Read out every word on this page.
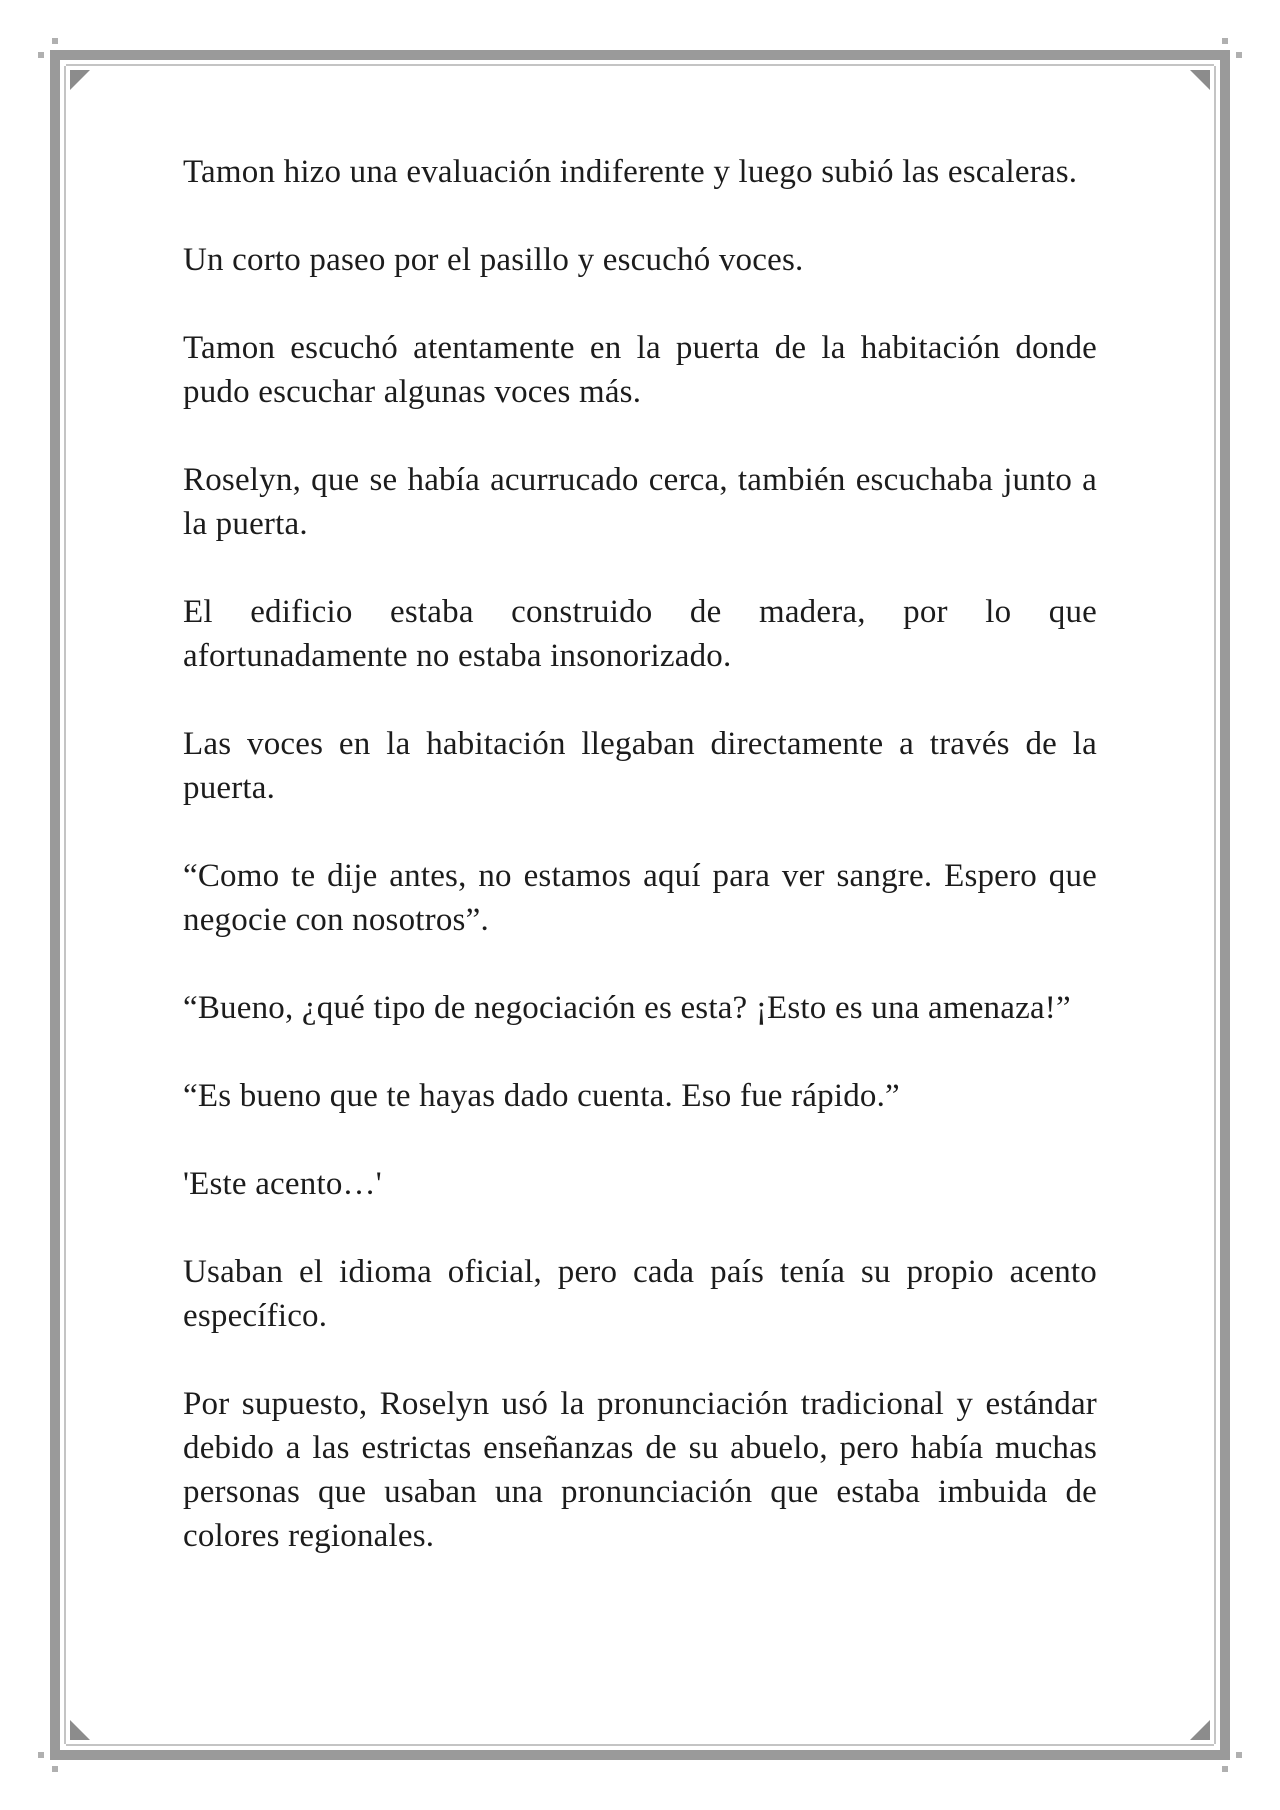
Tamon hizo una evaluación indiferente y luego subió las escaleras.

Un corto paseo por el pasillo y escuchó voces.

Tamon escuchó atentamente en la puerta de la habitación donde pudo escuchar algunas voces más.

Roselyn, que se había acurrucado cerca, también escuchaba junto a la puerta.

El edificio estaba construido de madera, por lo que afortunadamente no estaba insonorizado.

Las voces en la habitación llegaban directamente a través de la puerta.

“Como te dije antes, no estamos aquí para ver sangre. Espero que negocie con nosotros”.

“Bueno, ¿qué tipo de negociación es esta? ¡Esto es una amenaza!”

“Es bueno que te hayas dado cuenta. Eso fue rápido.”

'Este acento…'

Usaban el idioma oficial, pero cada país tenía su propio acento específico.

Por supuesto, Roselyn usó la pronunciación tradicional y estándar debido a las estrictas enseñanzas de su abuelo, pero había muchas personas que usaban una pronunciación que estaba imbuida de colores regionales.
